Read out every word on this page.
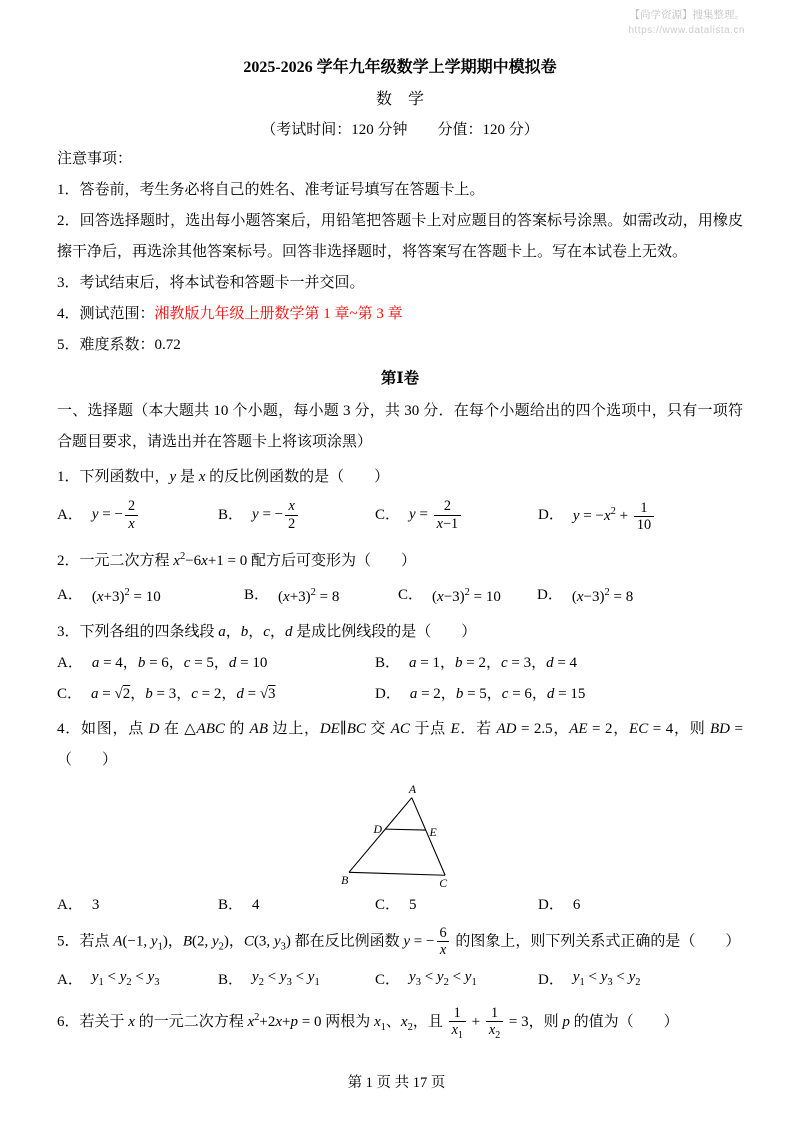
【尚学资源】搜集整理。
https://www.datalista.cn
2025-2026 学年九年级数学上学期期中模拟卷
数　学
（考试时间：120 分钟　　分值：120 分）

注意事项：

1．答卷前，考生务必将自己的姓名、准考证号填写在答题卡上。

2．回答选择题时，选出每小题答案后，用铅笔把答题卡上对应题目的答案标号涂黑。如需改动，用橡皮擦干净后，再选涂其他答案标号。回答非选择题时，将答案写在答题卡上。写在本试卷上无效。

3．考试结束后，将本试卷和答题卡一并交回。

4．测试范围：湘教版九年级上册数学第 1 章~第 3 章

5．难度系数：0.72

第Ⅰ卷

一、选择题（本大题共 10 个小题，每小题 3 分，共 30 分．在每个小题给出的四个选项中，只有一项符合题目要求，请选出并在答题卡上将该项涂黑）

1．下列函数中，y 是 x 的反比例函数的是（　　）

A． y = − $\frac{2}{x}$	B． y = − $\frac{x}{2}$	C． $y = \frac{2}{x-1}$	D． $y = -x^2 + \frac{1}{10}$

2．一元二次方程 $x^2-6x+1 = 0$ 配方后可变形为（　　）

A． $(x+3)^2 = 10$	B． $(x+3)^2 = 8$	C． $(x-3)^2 = 10$ D． $(x-3)^2 = 8$

3．下列各组的四条线段 a，b，c，d 是成比例线段的是（　　）

A． a = 4，b = 6，c = 5，d = 10	B． a = 1，b = 2，c = 3，d = 4
C． a = √2，b = 3，c = 2，d = √3	D． a = 2，b = 5，c = 6，d = 15

4．如图，点 D 在 △ABC 的 AB 边上，DE∥BC 交 AC 于点 E．若 AD = 2.5，AE = 2，EC = 4，则 BD =（　　）

A
D	E
B	C
A． 3	B． 4	C． 5	D． 6

5．若点 A(−1, $y_1$)，B(2, $y_2$)，C(3, $y_3$) 都在反比例函数 y = − $\frac{6}{x}$ 的图象上，则下列关系式正确的是（　　）

A． $y_1 < y_2 < y_3$	B． $y_2 < y_3 < y_1$	C． $y_3 < y_2 < y_1$	D． $y_1 < y_3 < y_2$

6．若关于 x 的一元二次方程 $x^2+2x+p = 0$ 两根为 $x_1$、$x_2$，且 $\frac{1}{x_1} + \frac{1}{x_2} = 3$，则 p 的值为（　　）

第 1 页 共 17 页
